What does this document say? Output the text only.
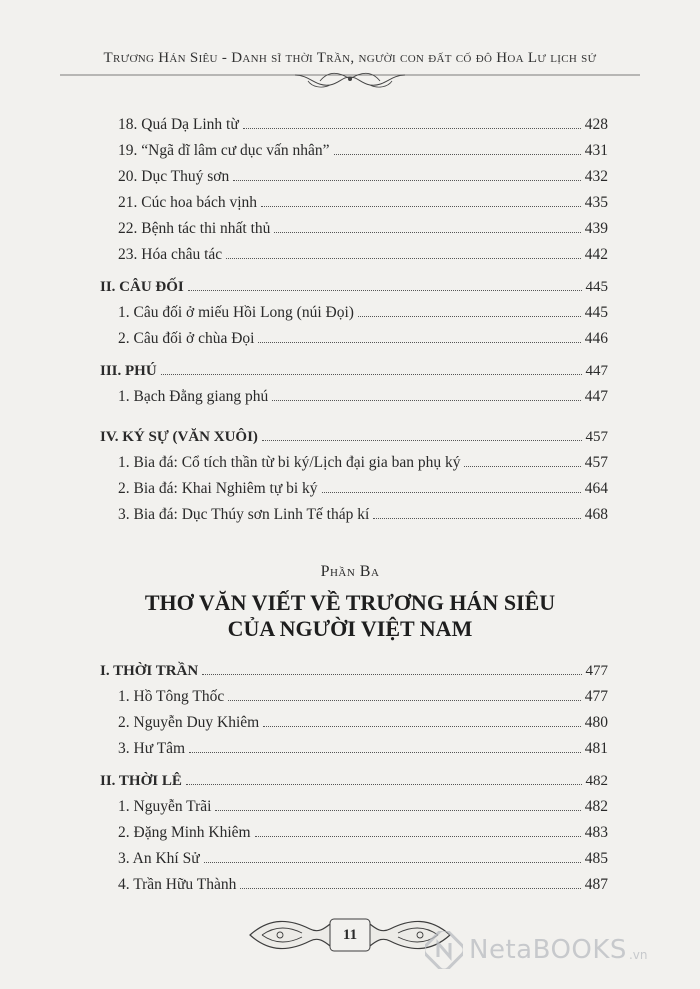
Trương Hán Siêu - Danh sĩ thời Trần, người con đất cố đô Hoa Lư lịch sử
18. Quá Dạ Linh từ	428
19. “Ngã dĩ lâm cư dục vấn nhân”	431
20. Dục Thuý sơn	432
21. Cúc hoa bách vịnh	435
22. Bệnh tác thi nhất thủ	439
23. Hóa châu tác	442
II. CÂU ĐỐI	445
1. Câu đối ở miếu Hồi Long (núi Đọi)	445
2. Câu đối ở chùa Đọi	446
III. PHÚ	447
1. Bạch Đằng giang phú	447
IV. KÝ SỰ (VĂN XUÔI)	457
1. Bia đá: Cổ tích thần từ bi ký/Lịch đại gia ban phụ ký	457
2. Bia đá: Khai Nghiêm tự bi ký	464
3. Bia đá: Dục Thúy sơn Linh Tế tháp kí	468
Phần Ba
THƠ VĂN VIẾT VỀ TRƯƠNG HÁN SIÊU
CỦA NGƯỜI VIỆT NAM
I. THỜI TRẦN	477
1. Hồ Tông Thốc	477
2. Nguyễn Duy Khiêm	480
3. Hư Tâm	481
II. THỜI LÊ	482
1. Nguyễn Trãi	482
2. Đặng Minh Khiêm	483
3. An Khí Sử	485
4. Trần Hữu Thành	487
11	NetaBOOKS .vn
